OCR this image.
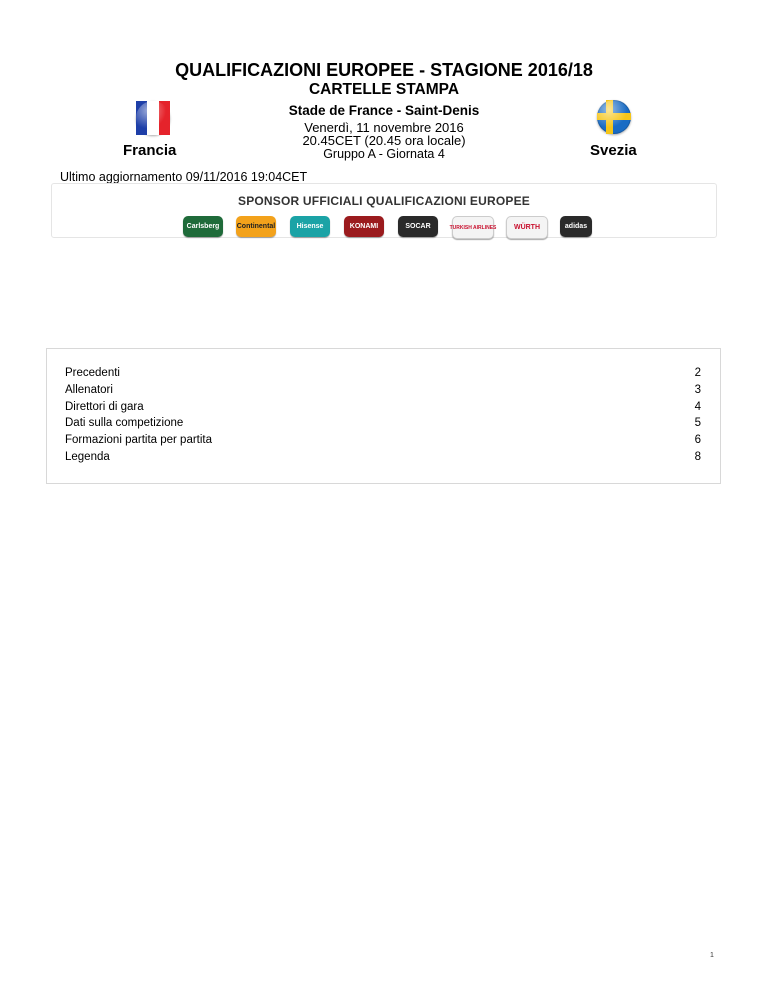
QUALIFICAZIONI EUROPEE - STAGIONE 2016/18
CARTELLE STAMPA
Francia	Svezia
Stade de France - Saint-Denis
Venerdì, 11 novembre 2016
20.45CET (20.45 ora locale)
Gruppo A - Giornata 4
Ultimo aggiornamento 09/11/2016 19:04CET
SPONSOR UFFICIALI QUALIFICAZIONI EUROPEE
Carlsberg	Continental	Hisense	KONAMI	SOCAR	TURKISH AIRLINES	WÜRTH	adidas
Precedenti	2
Allenatori	3
Direttori di gara	4
Dati sulla competizione	5
Formazioni partita per partita	6
Legenda	8
1
